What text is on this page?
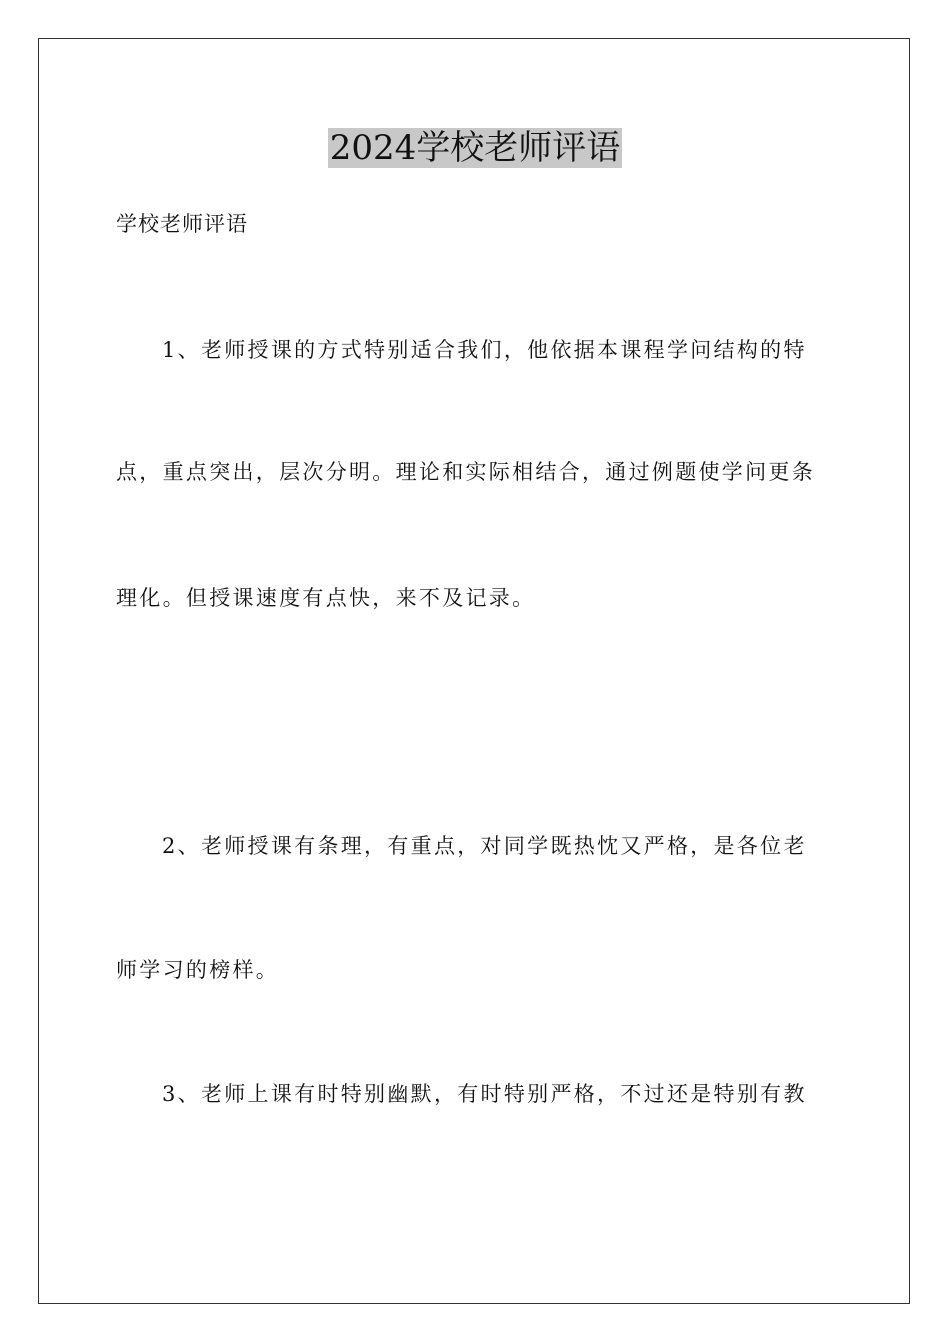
2024学校老师评语
学校老师评语
1、老师授课的方式特别适合我们，他依据本课程学问结构的特
点，重点突出，层次分明。理论和实际相结合，通过例题使学问更条
理化。但授课速度有点快，来不及记录。
2、老师授课有条理，有重点，对同学既热忱又严格，是各位老
师学习的榜样。
3、老师上课有时特别幽默，有时特别严格，不过还是特别有教
